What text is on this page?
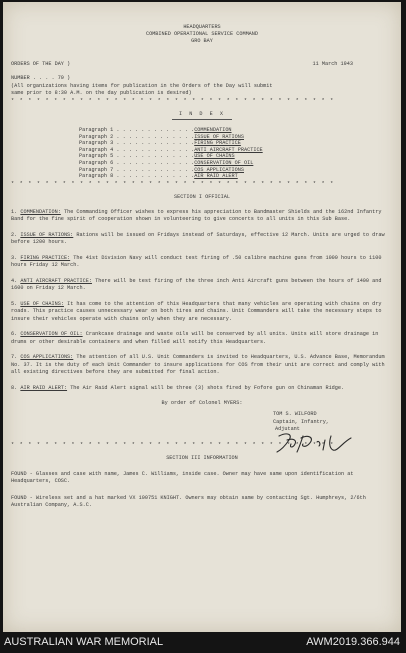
HEADQUARTERS
COMBINED OPERATIONAL SERVICE COMMAND
GRO BAY
ORDERS OF THE DAY )	11 March 1943
NUMBER . . . . 70 )
(All organizations having items for publication in the Orders of the Day will submit
same prior to 8:30 A.M. on the day publication is desired)
* * * * * * * * * * * * * * * * * * * * * * * * * * * * * * * * * * * * * *
I N D E X
Paragraph 1 . . . . . . . . . . . . .COMMENDATION
Paragraph 2 . . . . . . . . . . . . .ISSUE OF RATIONS
Paragraph 3 . . . . . . . . . . . . .FIRING PRACTICE
Paragraph 4 . . . . . . . . . . . . .ANTI AIRCRAFT PRACTICE
Paragraph 5 . . . . . . . . . . . . .USE OF CHAINS
Paragraph 6 . . . . . . . . . . . . .CONSERVATION OF OIL
Paragraph 7 . . . . . . . . . . . . .COS APPLICATIONS
Paragraph 8 . . . . . . . . . . . . .AIR RAID ALERT
* * * * * * * * * * * * * * * * * * * * * * * * * * * * * * * * * * * * * *
SECTION I OFFICIAL
1. COMMENDATION: The Commanding Officer wishes to express his appreciation to Bandmaster Shields and the 162nd Infantry Band for the fine spirit of cooperation shown in volunteering to give concerts to all units in this Sub Base.
2. ISSUE OF RATIONS: Rations will be issued on Fridays instead of Saturdays, effective 12 March. Units are urged to draw before 1200 hours.
3. FIRING PRACTICE: The 41st Division Navy will conduct test firing of .50 calibre machine guns from 1000 hours to 1100 hours Friday 12 March.
4. ANTI AIRCRAFT PRACTICE: There will be test firing of the three inch Anti Aircraft guns between the hours of 1400 and 1600 on Friday 12 March.
5. USE OF CHAINS: It has come to the attention of this Headquarters that many vehicles are operating with chains on dry roads. This practice causes unnecessary wear on both tires and chains. Unit Commanders will take the necessary steps to insure their vehicles operate with chains only when they are necessary.
6. CONSERVATION OF OIL: Crankcase drainage and waste oils will be conserved by all units. Units will store drainage in drums or other desirable containers and when filled will notify this Headquarters.
7. COS APPLICATIONS: The attention of all U.S. Unit Commanders is invited to Headquarters, U.S. Advance Base, Memorandum No. 37. It is the duty of each Unit Commander to insure applications for COS from their unit are correct and comply with all existing directives before they are submitted for final action.
8. AIR RAID ALERT: The Air Raid Alert signal will be three (3) shots fired by Fofore gun on Chinaman Ridge.
By order of Colonel MYERS:
TOM S. WILFORD
Captain, Infantry,
Adjutant
* * * * * * * * * * * * * * * * * * * * * * * * * * * * * * * * * * * * * *
SECTION III INFORMATION
FOUND - Glasses and case with name, James C. Williams, inside case. Owner may have same upon identification at Headquarters, COSC.
FOUND - Wireless set and a hat marked VX 100751 KNIGHT. Owners may obtain same by contacting Sgt. Humphreys, 2/6th Australian Company, A.S.C.
AUSTRALIAN WAR MEMORIAL	AWM2019.366.944
